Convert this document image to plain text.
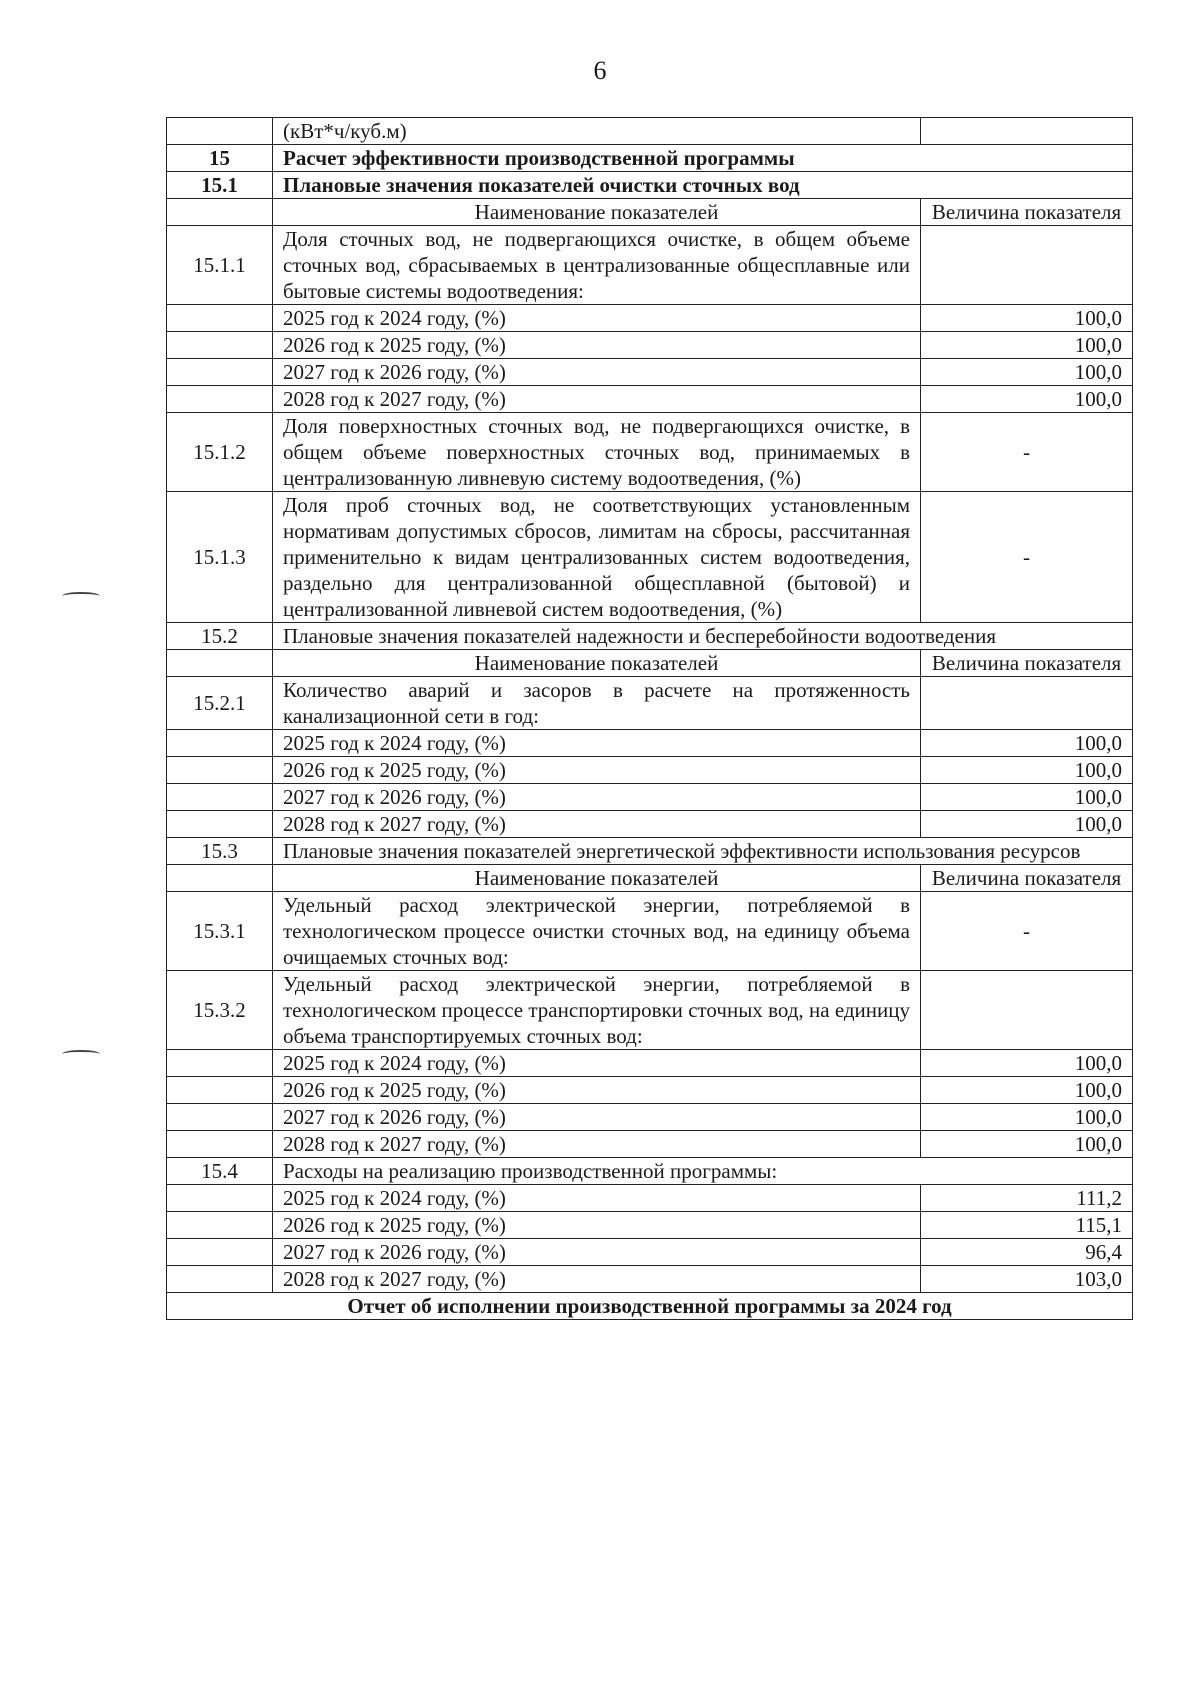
6
	(кВт*ч/куб.м)	
15	Расчет эффективности производственной программы	
15.1	Плановые значения показателей очистки сточных вод	
	Наименование показателей	Величина показателя
15.1.1	Доля сточных вод, не подвергающихся очистке, в общем объеме сточных вод, сбрасываемых в централизованные общесплавные или бытовые системы водоотведения:	
	2025 год к 2024 году, (%)	100,0
	2026 год к 2025 году, (%)	100,0
	2027 год к 2026 году, (%)	100,0
	2028 год к 2027 году, (%)	100,0
15.1.2	Доля поверхностных сточных вод, не подвергающихся очистке, в общем объеме поверхностных сточных вод, принимаемых в централизованную ливневую систему водоотведения, (%)	-
15.1.3	Доля проб сточных вод, не соответствующих установленным нормативам допустимых сбросов, лимитам на сбросы, рассчитанная применительно к видам централизованных систем водоотведения, раздельно для централизованной общесплавной (бытовой) и централизованной ливневой систем водоотведения, (%)	-
15.2	Плановые значения показателей надежности и бесперебойности водоотведения	
	Наименование показателей	Величина показателя
15.2.1	Количество аварий и засоров в расчете на протяженность канализационной сети в год:	
	2025 год к 2024 году, (%)	100,0
	2026 год к 2025 году, (%)	100,0
	2027 год к 2026 году, (%)	100,0
	2028 год к 2027 году, (%)	100,0
15.3	Плановые значения показателей энергетической эффективности использования ресурсов	
	Наименование показателей	Величина показателя
15.3.1	Удельный расход электрической энергии, потребляемой в технологическом процессе очистки сточных вод, на единицу объема очищаемых сточных вод:	-
15.3.2	Удельный расход электрической энергии, потребляемой в технологическом процессе транспортировки сточных вод, на единицу объема транспортируемых сточных вод:	
	2025 год к 2024 году, (%)	100,0
	2026 год к 2025 году, (%)	100,0
	2027 год к 2026 году, (%)	100,0
	2028 год к 2027 году, (%)	100,0
15.4	Расходы на реализацию производственной программы:	
	2025 год к 2024 году, (%)	111,2
	2026 год к 2025 году, (%)	115,1
	2027 год к 2026 году, (%)	96,4
	2028 год к 2027 году, (%)	103,0
Отчет об исполнении производственной программы за 2024 год		
